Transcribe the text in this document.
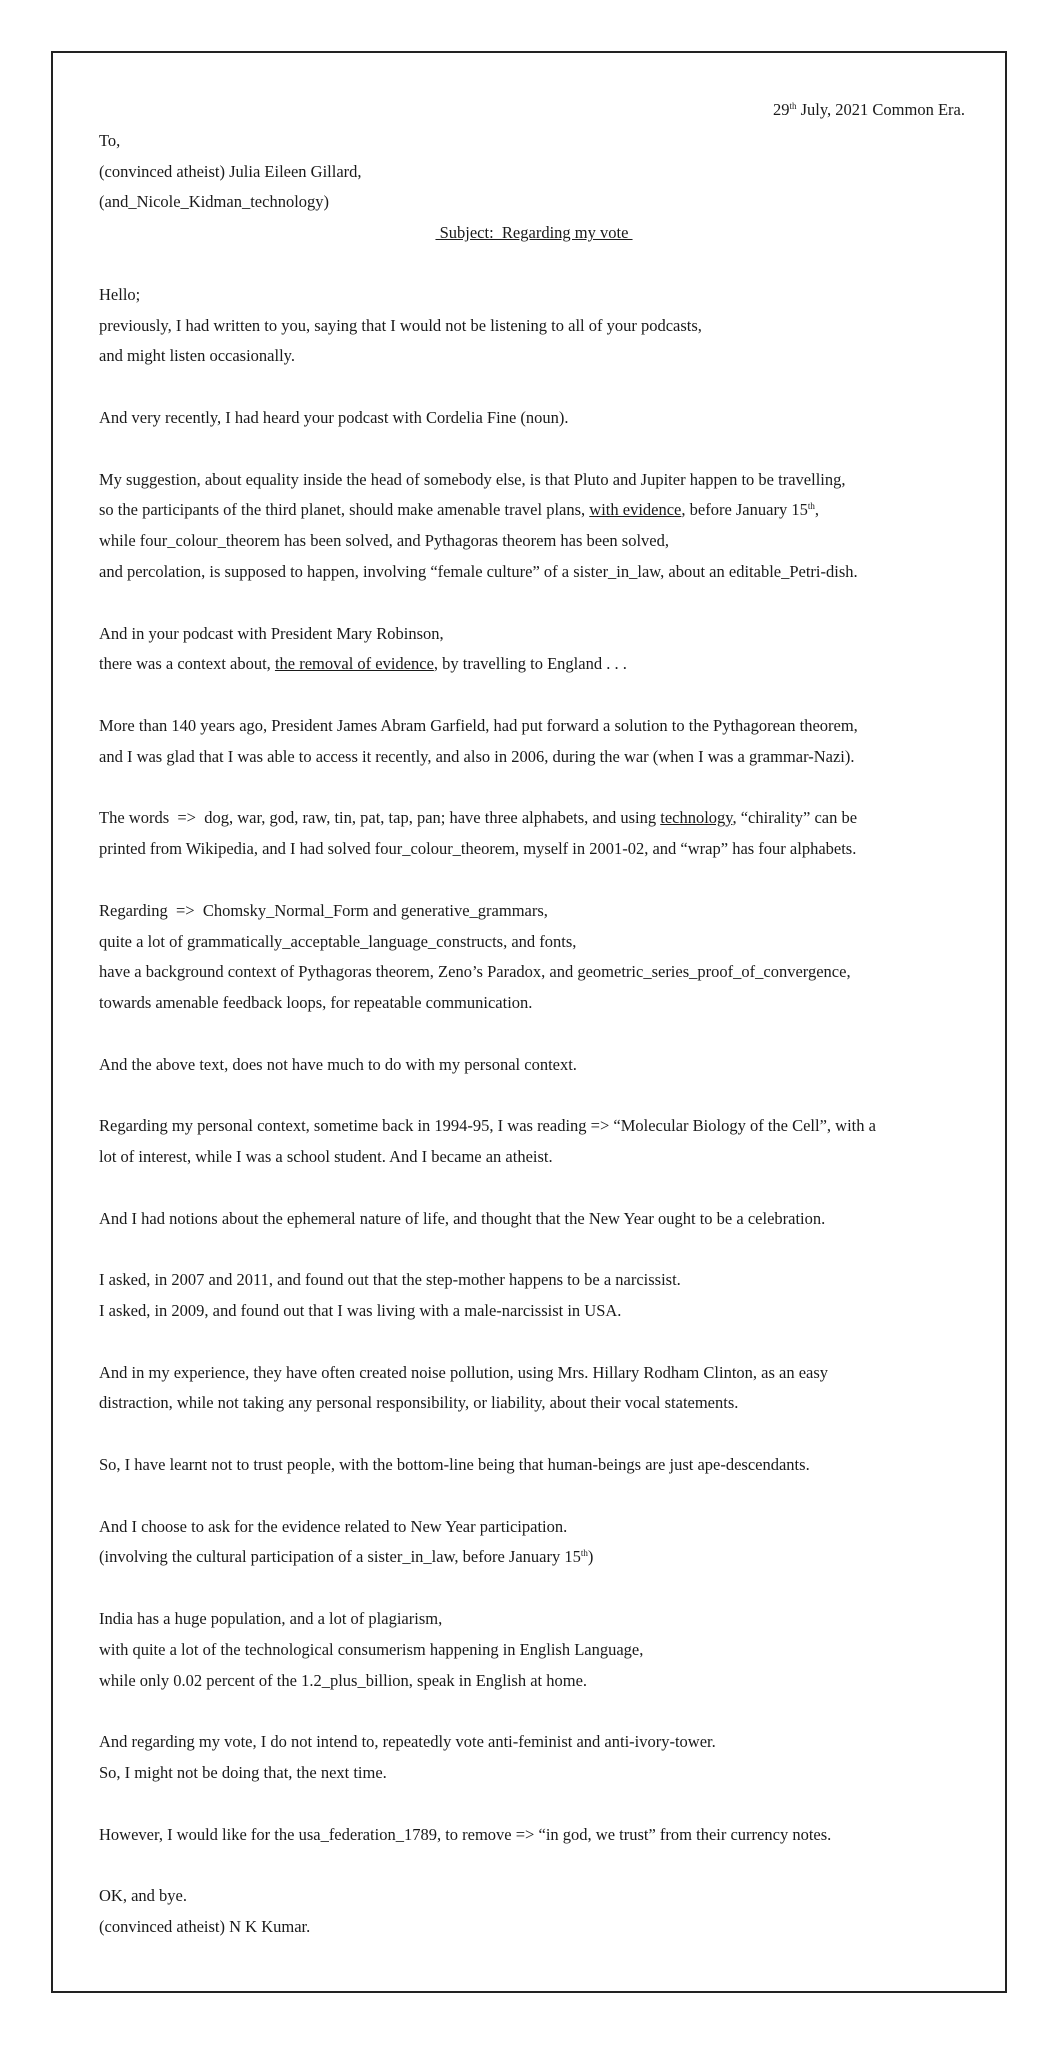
29th July, 2021 Common Era.
To,
(convinced atheist) Julia Eileen Gillard,
(and_Nicole_Kidman_technology)
Subject:  Regarding my vote
Hello;
previously, I had written to you, saying that I would not be listening to all of your podcasts,
and might listen occasionally.
And very recently, I had heard your podcast with Cordelia Fine (noun).
My suggestion, about equality inside the head of somebody else, is that Pluto and Jupiter happen to be travelling,
so the participants of the third planet, should make amenable travel plans, with evidence, before January 15th,
while four_colour_theorem has been solved, and Pythagoras theorem has been solved,
and percolation, is supposed to happen, involving “female culture” of a sister_in_law, about an editable_Petri-dish.
And in your podcast with President Mary Robinson,
there was a context about, the removal of evidence, by travelling to England . . .
More than 140 years ago, President James Abram Garfield, had put forward a solution to the Pythagorean theorem,
and I was glad that I was able to access it recently, and also in 2006, during the war (when I was a grammar-Nazi).
The words  =>  dog, war, god, raw, tin, pat, tap, pan; have three alphabets, and using technology, “chirality” can be
printed from Wikipedia, and I had solved four_colour_theorem, myself in 2001-02, and “wrap” has four alphabets.
Regarding  =>  Chomsky_Normal_Form and generative_grammars,
quite a lot of grammatically_acceptable_language_constructs, and fonts,
have a background context of Pythagoras theorem, Zeno’s Paradox, and geometric_series_proof_of_convergence,
towards amenable feedback loops, for repeatable communication.
And the above text, does not have much to do with my personal context.
Regarding my personal context, sometime back in 1994-95, I was reading => “Molecular Biology of the Cell”, with a
lot of interest, while I was a school student. And I became an atheist.
And I had notions about the ephemeral nature of life, and thought that the New Year ought to be a celebration.
I asked, in 2007 and 2011, and found out that the step-mother happens to be a narcissist.
I asked, in 2009, and found out that I was living with a male-narcissist in USA.
And in my experience, they have often created noise pollution, using Mrs. Hillary Rodham Clinton, as an easy
distraction, while not taking any personal responsibility, or liability, about their vocal statements.
So, I have learnt not to trust people, with the bottom-line being that human-beings are just ape-descendants.
And I choose to ask for the evidence related to New Year participation.
(involving the cultural participation of a sister_in_law, before January 15th)
India has a huge population, and a lot of plagiarism,
with quite a lot of the technological consumerism happening in English Language,
while only 0.02 percent of the 1.2_plus_billion, speak in English at home.
And regarding my vote, I do not intend to, repeatedly vote anti-feminist and anti-ivory-tower.
So, I might not be doing that, the next time.
However, I would like for the usa_federation_1789, to remove => “in god, we trust” from their currency notes.
OK, and bye.
(convinced atheist) N K Kumar.
